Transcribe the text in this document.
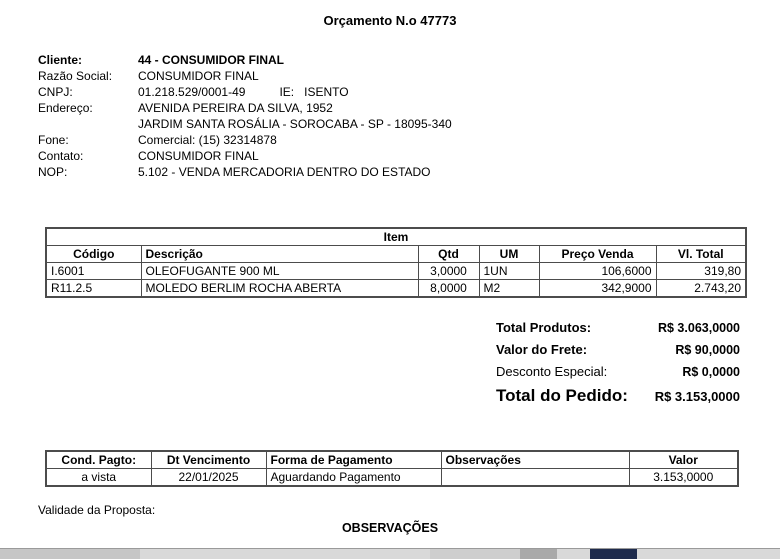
Orçamento N.o 47773
Cliente:	44 - CONSUMIDOR FINAL
Razão Social:	CONSUMIDOR FINAL
CNPJ:	01.218.529/0001-49	IE: ISENTO
Endereço:	AVENIDA PEREIRA DA SILVA, 1952
JARDIM SANTA ROSÁLIA - SOROCABA - SP - 18095-340
Fone:	Comercial: (15) 32314878
Contato:	CONSUMIDOR FINAL
NOP:	5.102 - VENDA MERCADORIA DENTRO DO ESTADO
Item					
Código	Descrição	Qtd	UM	Preço Venda	Vl. Total
I.6001	OLEOFUGANTE 900 ML	3,0000	1UN	106,6000	319,80
R11.2.5	MOLEDO BERLIM ROCHA ABERTA	8,0000	M2	342,9000	2.743,20
Total Produtos:	R$ 3.063,0000
Valor do Frete:	R$ 90,0000
Desconto Especial:	R$ 0,0000
Total do Pedido: R$ 3.153,0000
Cond. Pagto:	Dt Vencimento	Forma de Pagamento	Observações	Valor
a vista	22/01/2025	Aguardando Pagamento		3.153,0000
Validade da Proposta:
OBSERVAÇÕES
